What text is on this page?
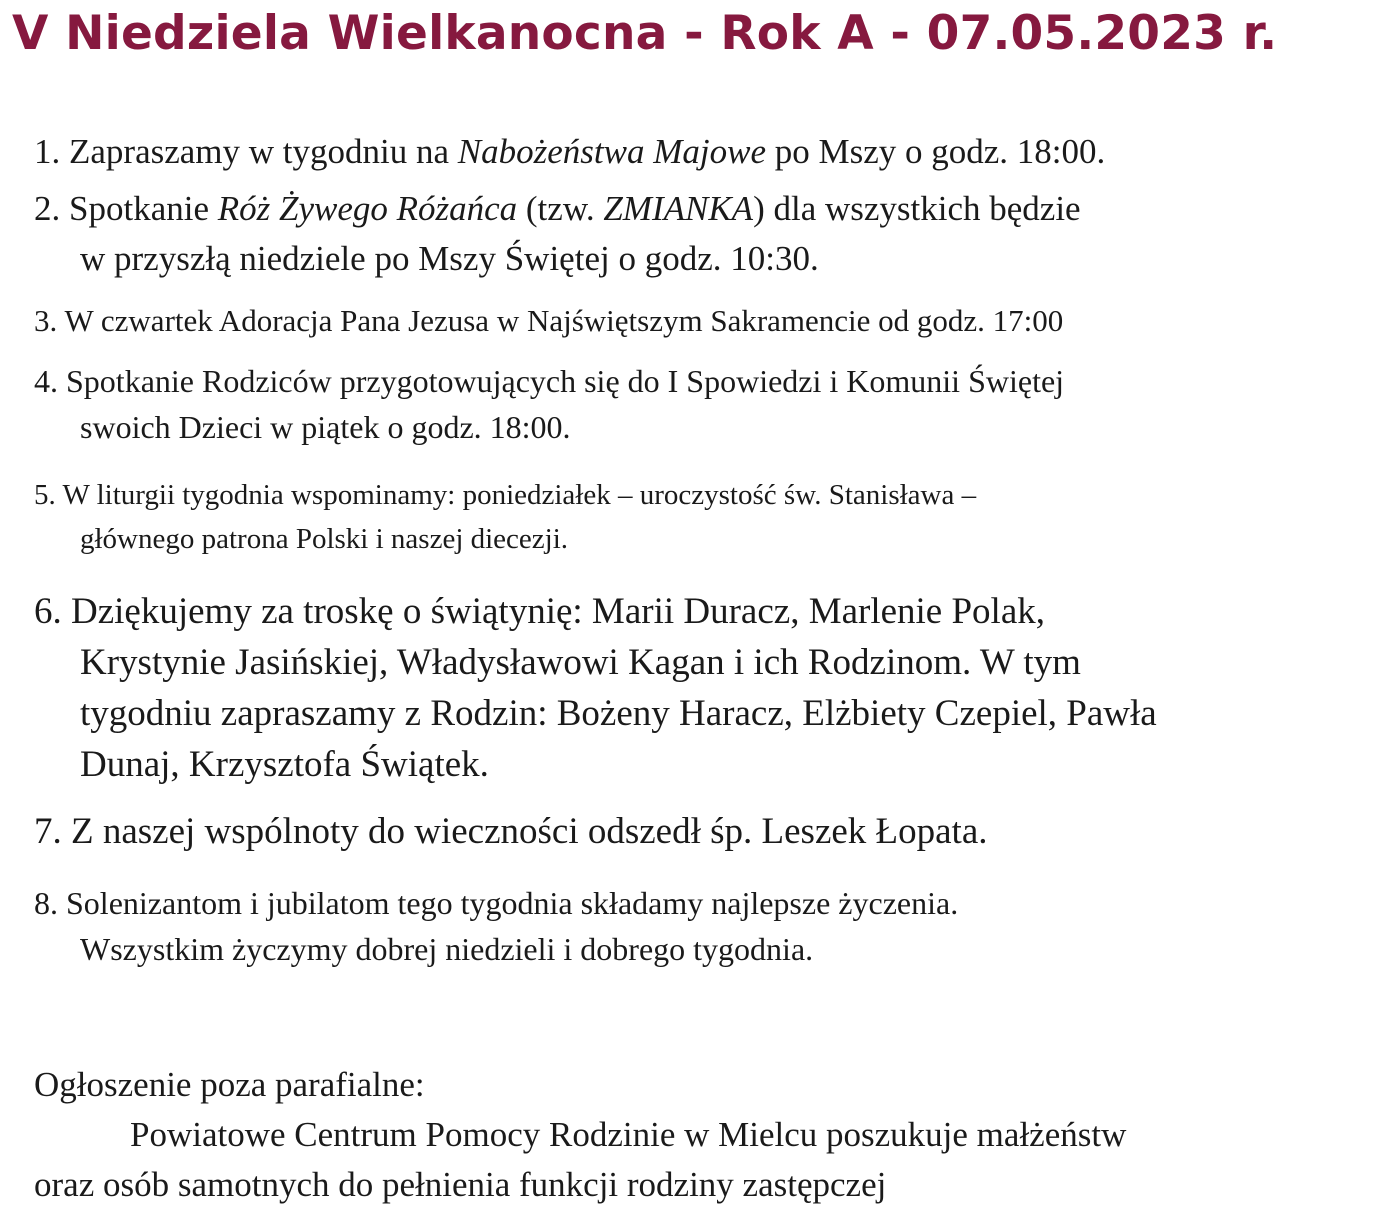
V Niedziela Wielkanocna - Rok A - 07.05.2023 r.

1. Zapraszamy w tygodniu na Nabożeństwa Majowe po Mszy o godz. 18:00.

2. Spotkanie Róż Żywego Różańca (tzw. ZMIANKA) dla wszystkich będzie
w przyszłą niedziele po Mszy Świętej o godz. 10:30.

3. W czwartek Adoracja Pana Jezusa w Najświętszym Sakramencie od godz. 17:00

4. Spotkanie Rodziców przygotowujących się do I Spowiedzi i Komunii Świętej
swoich Dzieci w piątek o godz. 18:00.

5. W liturgii tygodnia wspominamy: poniedziałek – uroczystość św. Stanisława –
głównego patrona Polski i naszej diecezji.

6. Dziękujemy za troskę o świątynię: Marii Duracz, Marlenie Polak,
Krystynie Jasińskiej, Władysławowi Kagan i ich Rodzinom. W tym
tygodniu zapraszamy z Rodzin: Bożeny Haracz, Elżbiety Czepiel, Pawła
Dunaj, Krzysztofa Świątek.

7. Z naszej wspólnoty do wieczności odszedł śp. Leszek Łopata.

8. Solenizantom i jubilatom tego tygodnia składamy najlepsze życzenia.
Wszystkim życzymy dobrej niedzieli i dobrego tygodnia.

Ogłoszenie poza parafialne:
Powiatowe Centrum Pomocy Rodzinie w Mielcu poszukuje małżeństw
oraz osób samotnych do pełnienia funkcji rodziny zastępczej
